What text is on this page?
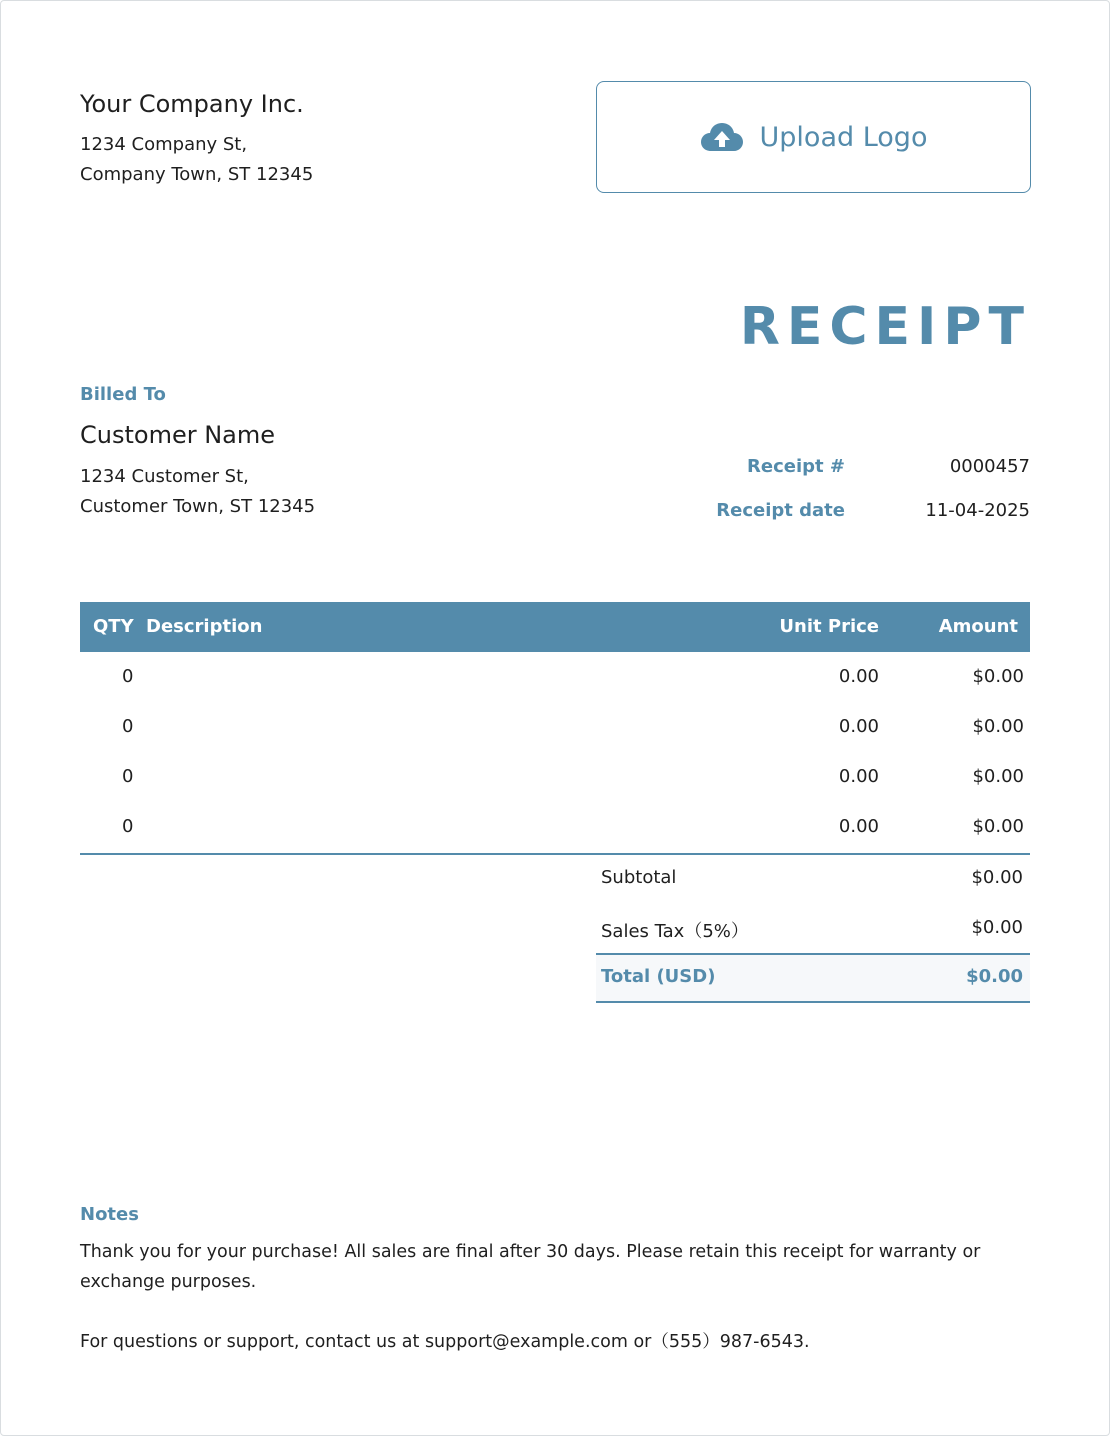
Your Company Inc.
1234 Company St,
Company Town, ST 12345
Upload Logo
RECEIPT
Billed To
Customer Name
1234 Customer St,
Customer Town, ST 12345
Receipt #	0000457
Receipt date	11-04-2025
QTY Description	Unit Price	Amount
0	0.00	$0.00
0	0.00	$0.00
0	0.00	$0.00
0	0.00	$0.00
Subtotal	$0.00
Sales Tax（5%）	$0.00
Total (USD)	$0.00
Notes
Thank you for your purchase! All sales are final after 30 days. Please retain this receipt for warranty or exchange purposes.
For questions or support, contact us at support@example.com or（555）987-6543.
